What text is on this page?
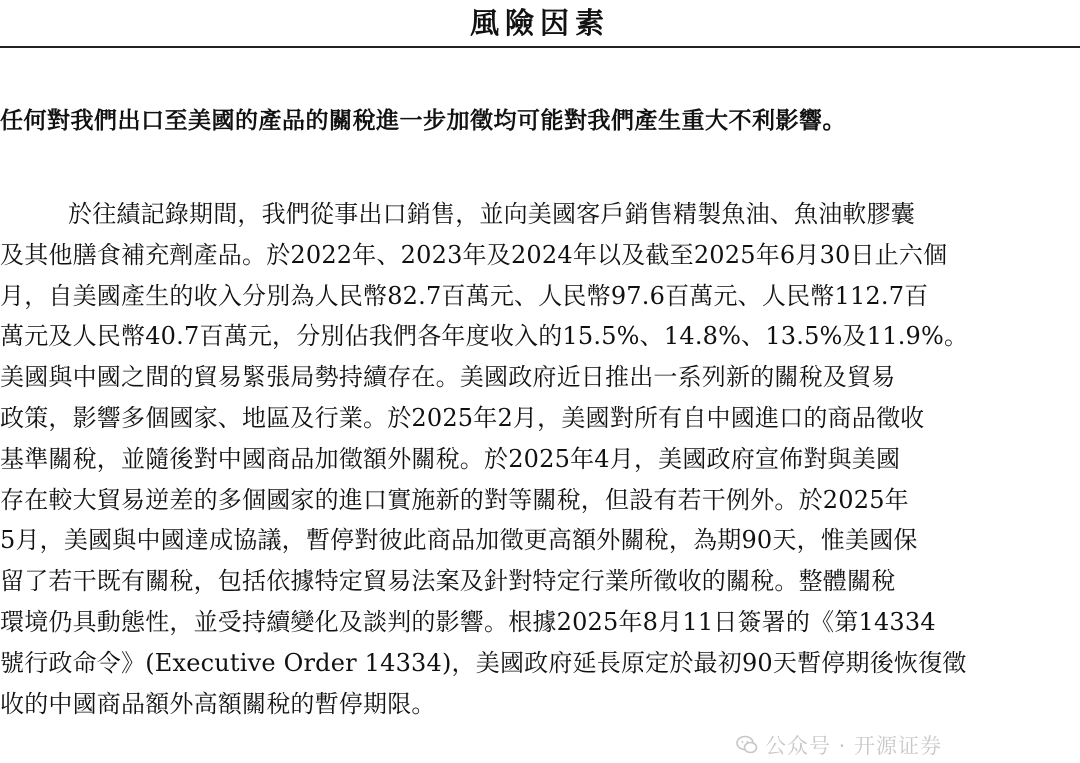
風險因素
任何對我們出口至美國的產品的關稅進一步加徵均可能對我們產生重大不利影響。
於往績記錄期間，我們從事出口銷售，並向美國客戶銷售精製魚油、魚油軟膠囊
及其他膳食補充劑產品。於2022年、2023年及2024年以及截至2025年6月30日止六個
月，自美國產生的收入分別為人民幣82.7百萬元、人民幣97.6百萬元、人民幣112.7百
萬元及人民幣40.7百萬元，分別佔我們各年度收入的15.5%、14.8%、13.5%及11.9%。
美國與中國之間的貿易緊張局勢持續存在。美國政府近日推出一系列新的關稅及貿易
政策，影響多個國家、地區及行業。於2025年2月，美國對所有自中國進口的商品徵收
基準關稅，並隨後對中國商品加徵額外關稅。於2025年4月，美國政府宣佈對與美國
存在較大貿易逆差的多個國家的進口實施新的對等關稅，但設有若干例外。於2025年
5月，美國與中國達成協議，暫停對彼此商品加徵更高額外關稅，為期90天，惟美國保
留了若干既有關稅，包括依據特定貿易法案及針對特定行業所徵收的關稅。整體關稅
環境仍具動態性，並受持續變化及談判的影響。根據2025年8月11日簽署的《第14334
號行政命令》(Executive Order 14334)，美國政府延長原定於最初90天暫停期後恢復徵
收的中國商品額外高額關稅的暫停期限。
公众号 · 开源证券
